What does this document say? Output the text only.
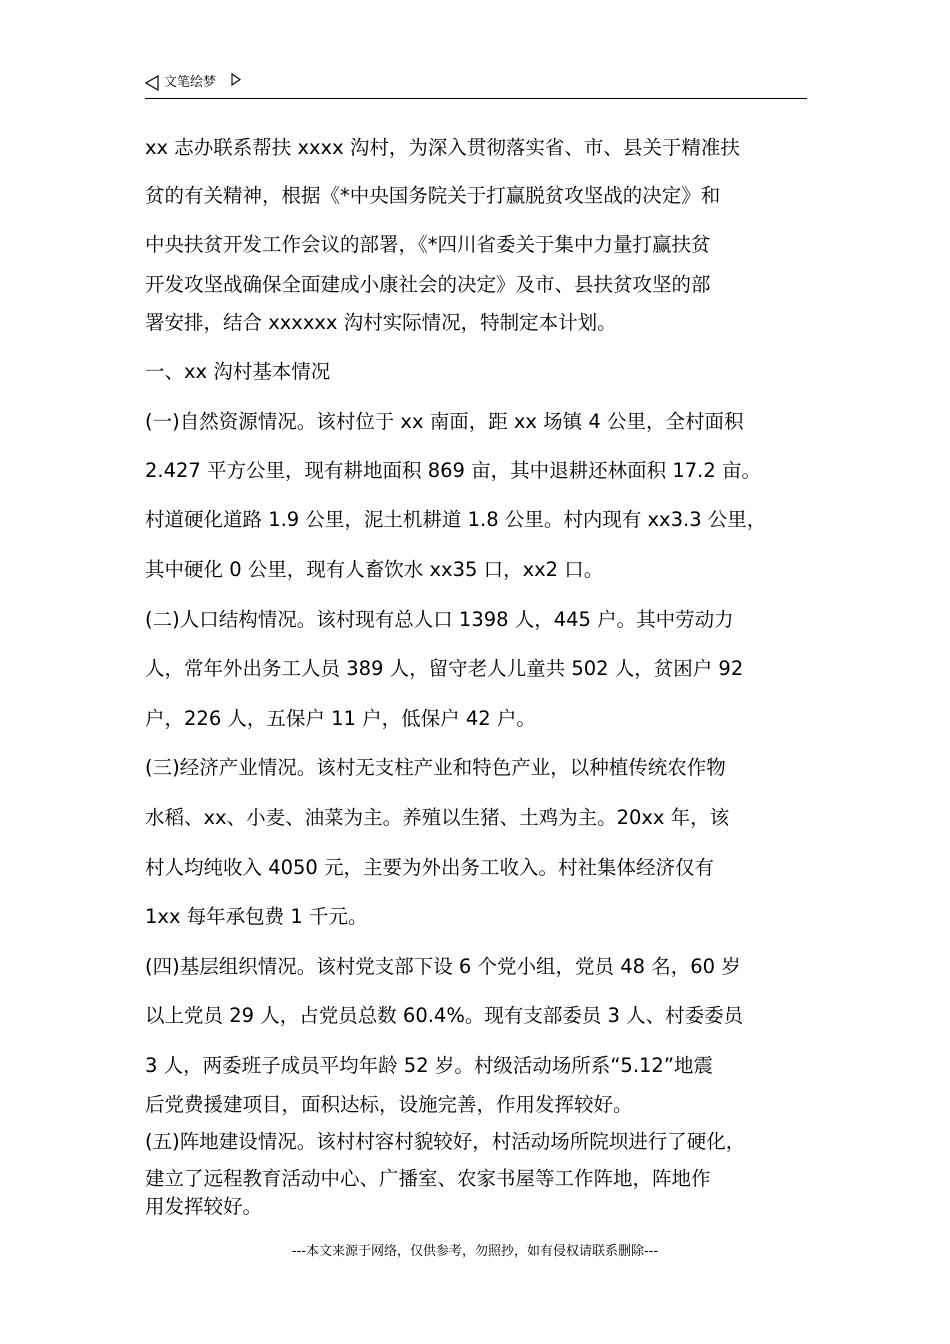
文笔绘梦
xx 志办联系帮扶 xxxx 沟村，为深入贯彻落实省、市、县关于精准扶
贫的有关精神，根据《*中央国务院关于打赢脱贫攻坚战的决定》和
中央扶贫开发工作会议的部署，《*四川省委关于集中力量打赢扶贫
开发攻坚战确保全面建成小康社会的决定》及市、县扶贫攻坚的部
署安排，结合 xxxxxx 沟村实际情况，特制定本计划。
一、xx 沟村基本情况
(一)自然资源情况。该村位于 xx 南面，距 xx 场镇 4 公里，全村面积
2.427 平方公里，现有耕地面积 869 亩，其中退耕还林面积 17.2 亩。
村道硬化道路 1.9 公里，泥土机耕道 1.8 公里。村内现有 xx3.3 公里，
其中硬化 0 公里，现有人畜饮水 xx35 口，xx2 口。
(二)人口结构情况。该村现有总人口 1398 人，445 户。其中劳动力
人，常年外出务工人员 389 人，留守老人儿童共 502 人，贫困户 92
户，226 人，五保户 11 户，低保户 42 户。
(三)经济产业情况。该村无支柱产业和特色产业，以种植传统农作物
水稻、xx、小麦、油菜为主。养殖以生猪、土鸡为主。20xx 年，该
村人均纯收入 4050 元，主要为外出务工收入。村社集体经济仅有
1xx 每年承包费 1 千元。
(四)基层组织情况。该村党支部下设 6 个党小组，党员 48 名，60 岁
以上党员 29 人，占党员总数 60.4%。现有支部委员 3 人、村委委员
3 人，两委班子成员平均年龄 52 岁。村级活动场所系“5.12”地震
后党费援建项目，面积达标，设施完善，作用发挥较好。
(五)阵地建设情况。该村村容村貌较好，村活动场所院坝进行了硬化，
建立了远程教育活动中心、广播室、农家书屋等工作阵地，阵地作
用发挥较好。
---本文来源于网络，仅供参考，勿照抄，如有侵权请联系删除---
